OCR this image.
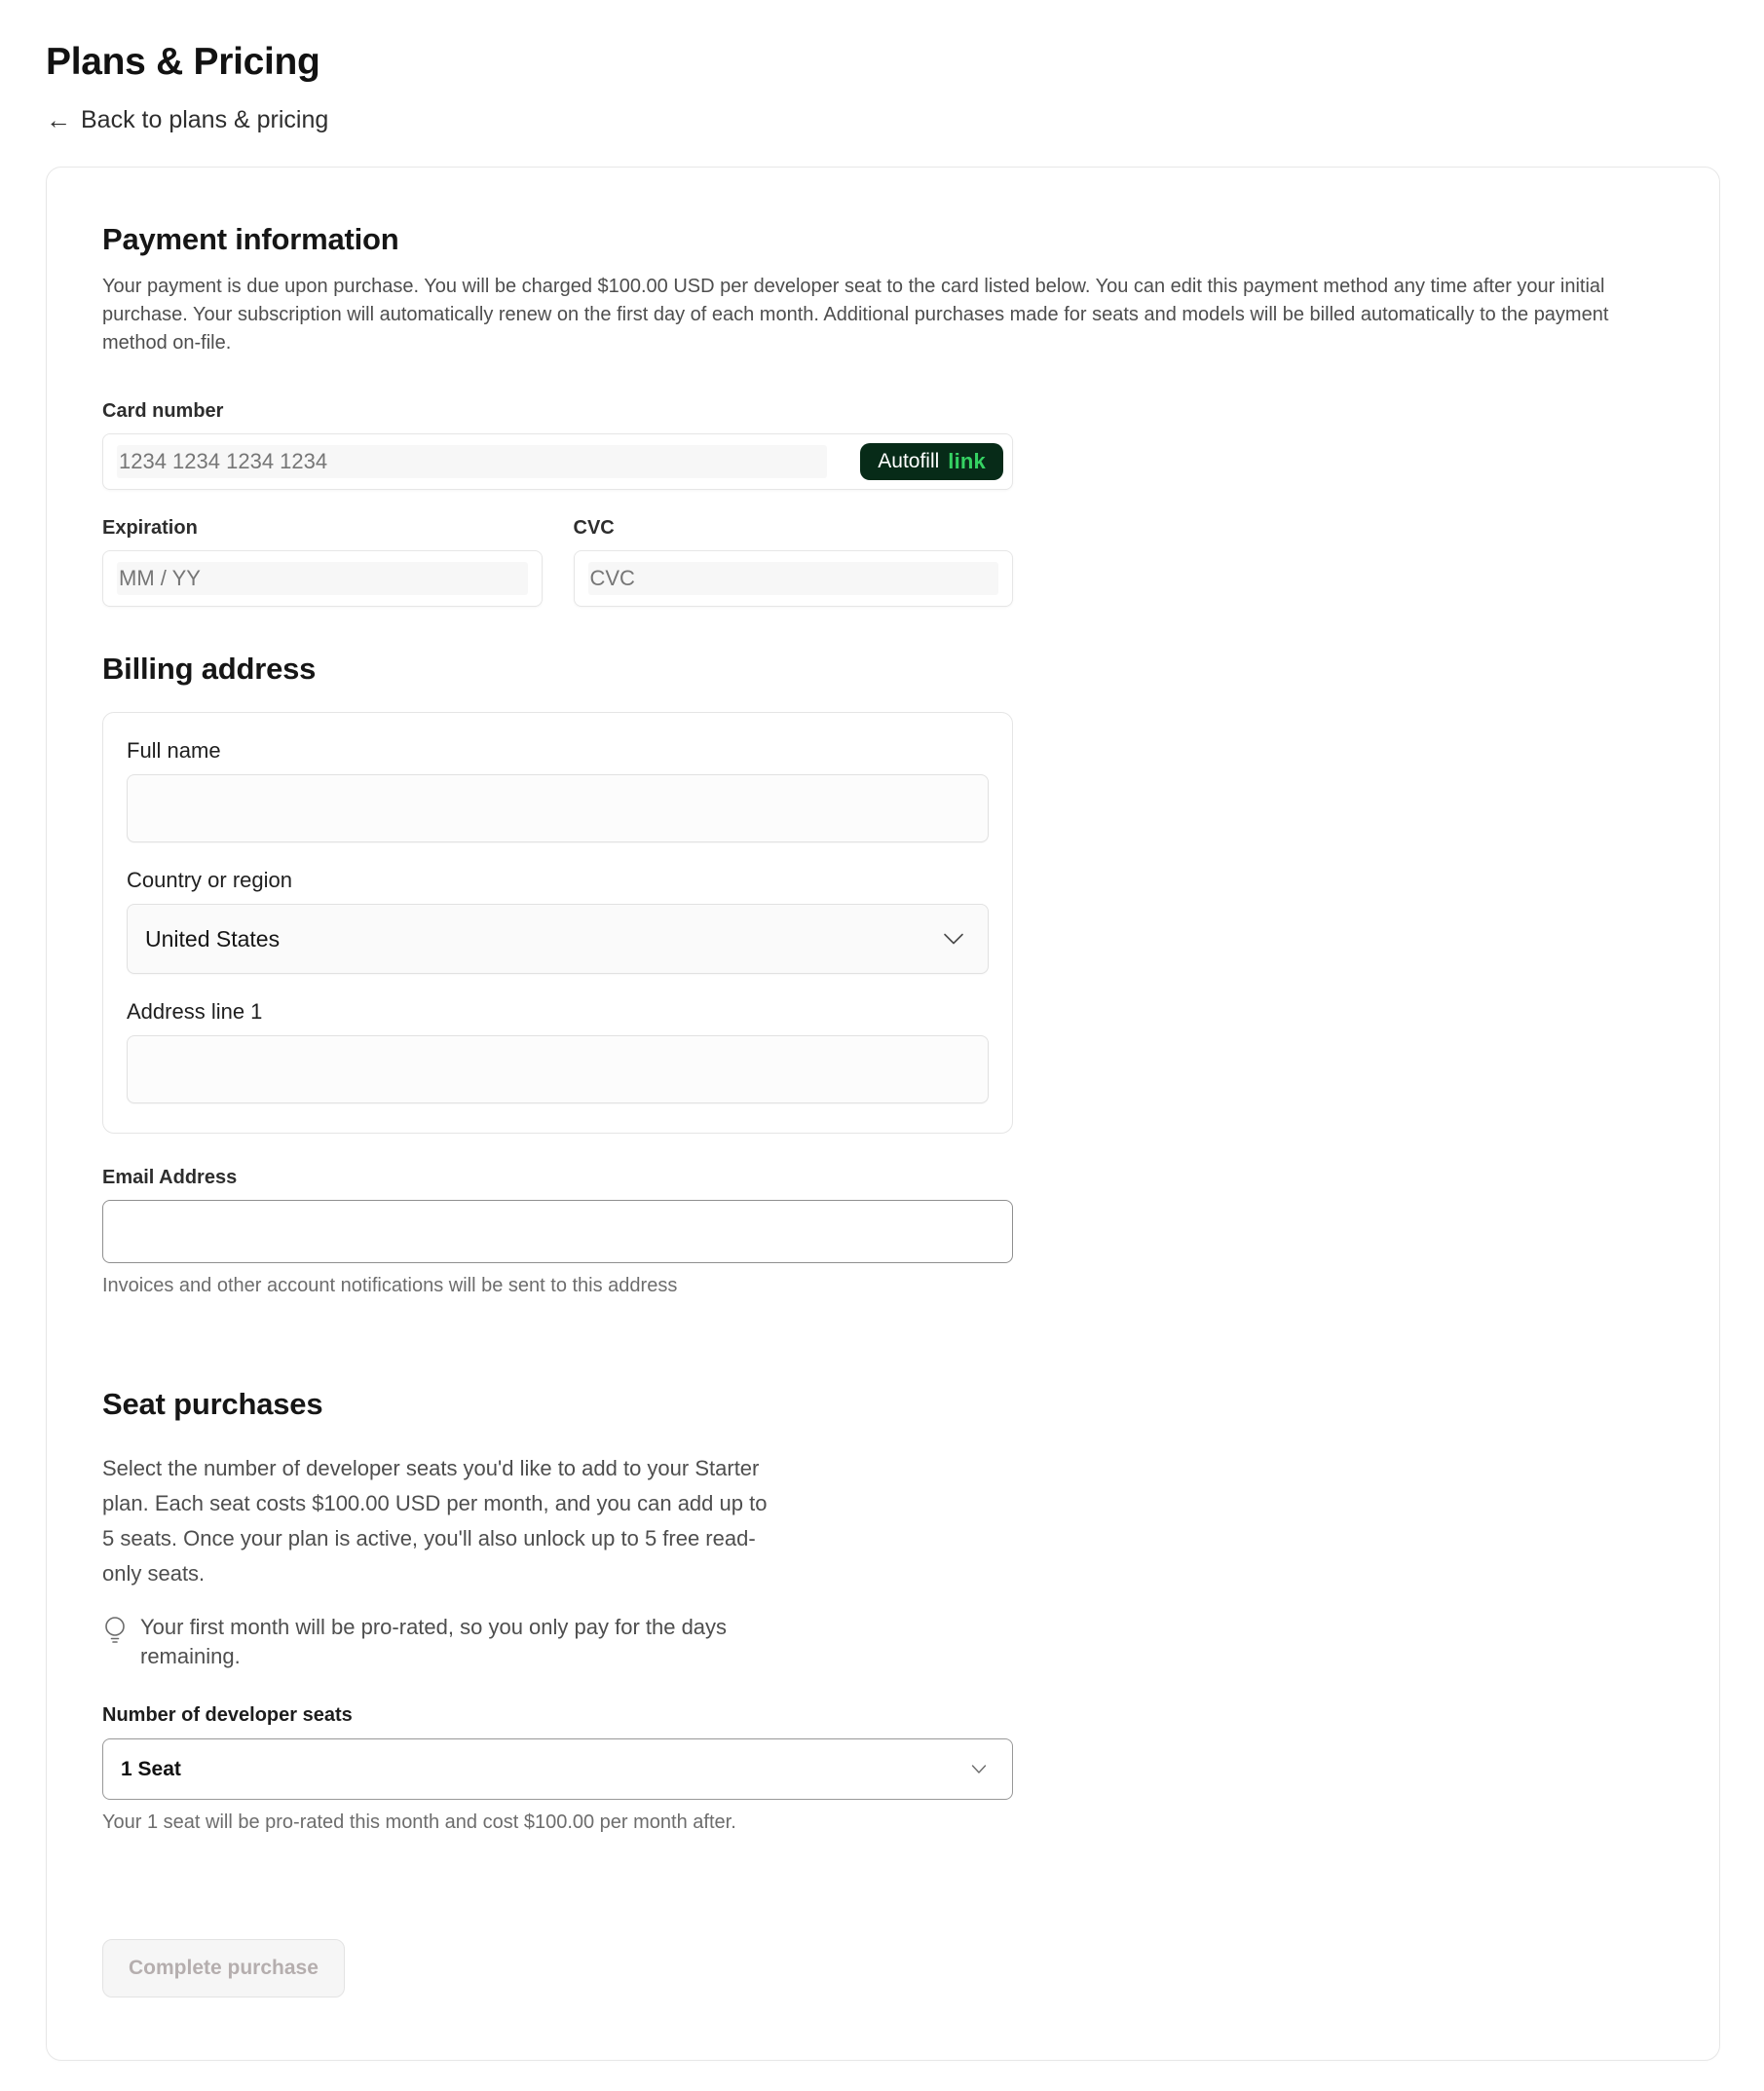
Plans & Pricing
← Back to plans & pricing
Payment information

Your payment is due upon purchase. You will be charged $100.00 USD per developer seat to the card listed below. You can edit this payment method any time after your initial purchase. Your subscription will automatically renew on the first day of each month. Additional purchases made for seats and models will be billed automatically to the payment method on-file.

Card number
1234 1234 1234 1234	Autofill link
Expiration
MM / YY
CVC
CVC
Billing address
Full name
Country or region
United States
Address line 1
Email Address
Invoices and other account notifications will be sent to this address
Seat purchases

Select the number of developer seats you'd like to add to your Starter plan. Each seat costs $100.00 USD per month, and you can add up to 5 seats. Once your plan is active, you'll also unlock up to 5 free read-only seats.

Your first month will be pro-rated, so you only pay for the days remaining.
Number of developer seats
1 Seat
Your 1 seat will be pro-rated this month and cost $100.00 per month after.
Complete purchase
